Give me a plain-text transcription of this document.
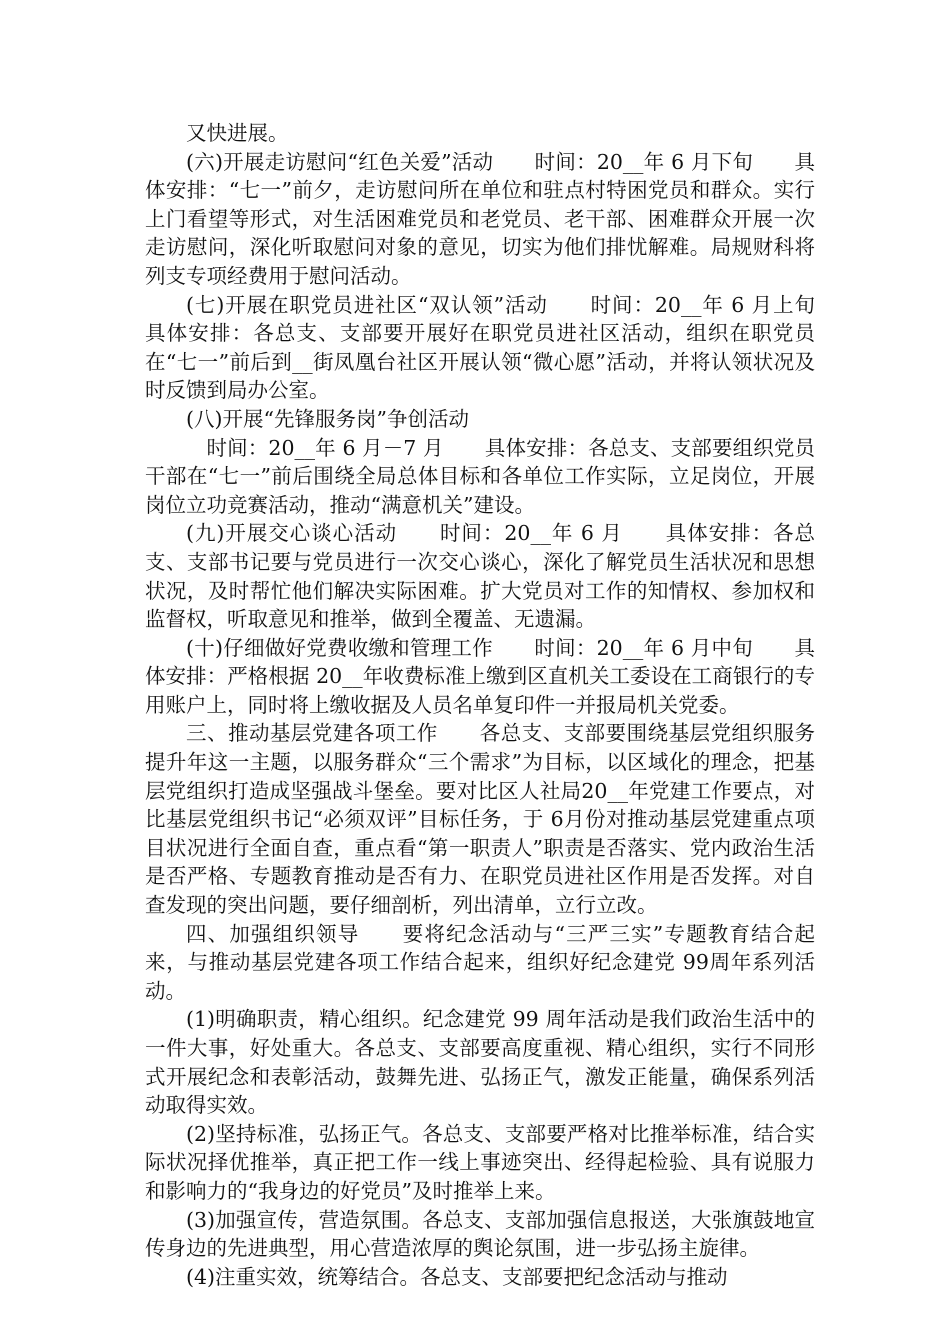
又快进展。

(六)开展走访慰问“红色关爱”活动　　时间：20__年 6 月下旬　　具体安排：“七一”前夕，走访慰问所在单位和驻点村特困党员和群众。实行上门看望等形式，对生活困难党员和老党员、老干部、困难群众开展一次走访慰问，深化听取慰问对象的意见，切实为他们排忧解难。局规财科将列支专项经费用于慰问活动。

(七)开展在职党员进社区“双认领”活动　　时间：20__年 6 月上旬　　具体安排：各总支、支部要开展好在职党员进社区活动，组织在职党员在“七一”前后到__街凤凰台社区开展认领“微心愿”活动，并将认领状况及时反馈到局办公室。

(八)开展“先锋服务岗”争创活动

时间：20__年 6 月－7 月　　具体安排：各总支、支部要组织党员干部在“七一”前后围绕全局总体目标和各单位工作实际，立足岗位，开展岗位立功竞赛活动，推动“满意机关”建设。

(九)开展交心谈心活动　　时间：20__年 6 月　　具体安排：各总支、支部书记要与党员进行一次交心谈心，深化了解党员生活状况和思想状况，及时帮忙他们解决实际困难。扩大党员对工作的知情权、参加权和监督权，听取意见和推举，做到全覆盖、无遗漏。

(十)仔细做好党费收缴和管理工作　　时间：20__年 6 月中旬　　具体安排：严格根据 20__年收费标准上缴到区直机关工委设在工商银行的专用账户上，同时将上缴收据及人员名单复印件一并报局机关党委。

三、推动基层党建各项工作　　各总支、支部要围绕基层党组织服务提升年这一主题，以服务群众“三个需求”为目标，以区域化的理念，把基层党组织打造成坚强战斗堡垒。要对比区人社局20__年党建工作要点，对比基层党组织书记“必须双评”目标任务，于 6月份对推动基层党建重点项目状况进行全面自查，重点看“第一职责人”职责是否落实、党内政治生活是否严格、专题教育推动是否有力、在职党员进社区作用是否发挥。对自查发现的突出问题，要仔细剖析，列出清单，立行立改。

四、加强组织领导　　要将纪念活动与“三严三实”专题教育结合起来，与推动基层党建各项工作结合起来，组织好纪念建党 99周年系列活动。

(1)明确职责，精心组织。纪念建党 99 周年活动是我们政治生活中的一件大事，好处重大。各总支、支部要高度重视、精心组织，实行不同形式开展纪念和表彰活动，鼓舞先进、弘扬正气，激发正能量，确保系列活动取得实效。

(2)坚持标准，弘扬正气。各总支、支部要严格对比推举标准，结合实际状况择优推举，真正把工作一线上事迹突出、经得起检验、具有说服力和影响力的“我身边的好党员”及时推举上来。

(3)加强宣传，营造氛围。各总支、支部加强信息报送，大张旗鼓地宣传身边的先进典型，用心营造浓厚的舆论氛围，进一步弘扬主旋律。

(4)注重实效，统筹结合。各总支、支部要把纪念活动与推动
